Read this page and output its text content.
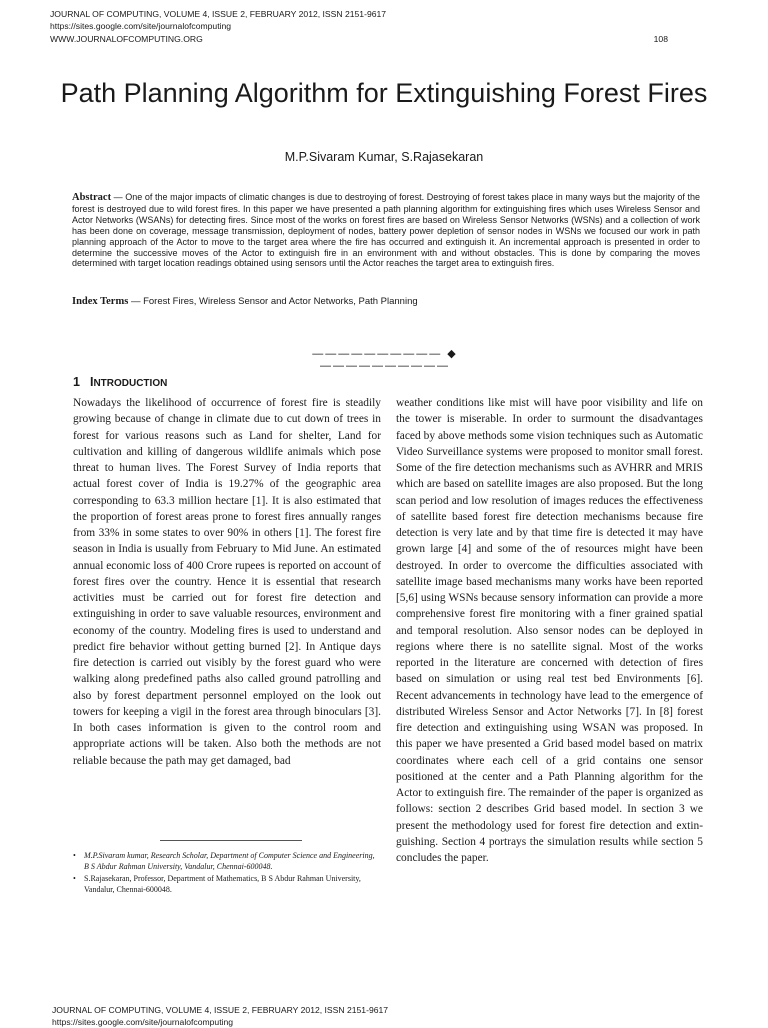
JOURNAL OF COMPUTING, VOLUME 4, ISSUE 2, FEBRUARY 2012, ISSN 2151-9617
https://sites.google.com/site/journalofcomputing
WWW.JOURNALOFCOMPUTING.ORG	108
Path Planning Algorithm for Extinguishing Forest Fires
M.P.Sivaram Kumar, S.Rajasekaran
Abstract — One of the major impacts of climatic changes is due to destroying of forest. Destroying of forest takes place in many ways but the majority of the forest is destroyed due to wild forest fires. In this paper we have presented a path planning algorithm for extinguishing fires which uses Wireless Sensor and Actor Networks (WSANs) for detecting fires. Since most of the works on forest fires are based on Wireless Sensor Networks (WSNs) and a collection of work has been done on coverage, message transmission, deployment of nodes, battery power depletion of sensor nodes in WSNs we focused our work in path planning approach of the Actor to move to the target area where the fire has occurred and extinguish it. An incremental approach is presented in order to determine the successive moves of the Actor to extinguish fire in an environment with and without obstacles. This is done by comparing the moves determined with target location readings obtained using sensors until the Actor reaches the target area to extinguish fires.
Index Terms — Forest Fires, Wireless Sensor and Actor Networks, Path Planning
—————————— ◆ ——————————
1 INTRODUCTION
Nowadays the likelihood of occurrence of forest fire is steadily growing because of change in climate due to cut down of trees in forest for various reasons such as Land for shelter, Land for cultivation and killing of dangerous wildlife animals which pose threat to human lives. The Forest Survey of India reports that actual forest cover of India is 19.27% of the geographic area corresponding to 63.3 million hectare [1]. It is also estimated that the proportion of forest areas prone to forest fires annually ranges from 33% in some states to over 90% in others [1]. The forest fire season in India is usually from February to Mid June. An estimated annual economic loss of 400 Crore rupees is reported on account of forest fires over the country. Hence it is essential that research activities must be carried out for forest fire detection and extinguishing in order to save valuable resources, environment and economy of the country. Modeling fires is used to understand and predict fire behavior without getting burned [2]. In Antique days fire detection is carried out visibly by the forest guard who were walking along predefined paths also called ground patrolling and also by forest department personnel employed on the look out towers for keeping a vigil in the forest area through binoculars [3]. In both cases information is given to the control room and appropriate actions will be taken. Also both the methods are not reliable because the path may get damaged, bad
weather conditions like mist will have poor visibility and life on the tower is miserable. In order to surmount the disadvantages faced by above methods some vision techniques such as Automatic Video Surveillance systems were proposed to monitor small forest. Some of the fire detection mechanisms such as AVHRR and MRIS which are based on satellite images are also proposed. But the long scan period and low resolution of images reduces the effectiveness of satellite based forest fire detection mechanisms because fire detection is very late and by that time fire is detected it may have grown large [4] and some of the of resources might have been destroyed. In order to overcome the difficulties associated with satellite image based mechanisms many works have been reported [5,6] using WSNs because sensory information can provide a more comprehensive forest fire monitoring with a finer grained spatial and temporal resolution. Also sensor nodes can be deployed in regions where there is no satellite signal. Most of the works reported in the literature are concerned with detection of fires based on simulation or using real test bed Environments [6]. Recent advancements in technology have lead to the emergence of distributed Wireless Sensor and Actor Networks [7]. In [8] forest fire detection and extinguishing using WSAN was proposed. In this paper we have presented a Grid based model based on matrix coordinates where each cell of a grid contains one sensor positioned at the center and a Path Planning algorithm for the Actor to extinguish fire. The remainder of the paper is organized as follows: section 2 describes Grid based model. In section 3 we present the methodology used for forest fire detection and extinguishing. Section 4 portrays the simulation results while section 5 concludes the paper.
• M.P.Sivaram kumar, Research Scholar, Department of Computer Science and Engineering, B S Abdur Rahman University, Vandalur, Chennai-600048.
• S.Rajasekaran, Professor, Department of Mathematics, B S Abdur Rahman University, Vandalur, Chennai-600048.
JOURNAL OF COMPUTING, VOLUME 4, ISSUE 2, FEBRUARY 2012, ISSN 2151-9617
https://sites.google.com/site/journalofcomputing
